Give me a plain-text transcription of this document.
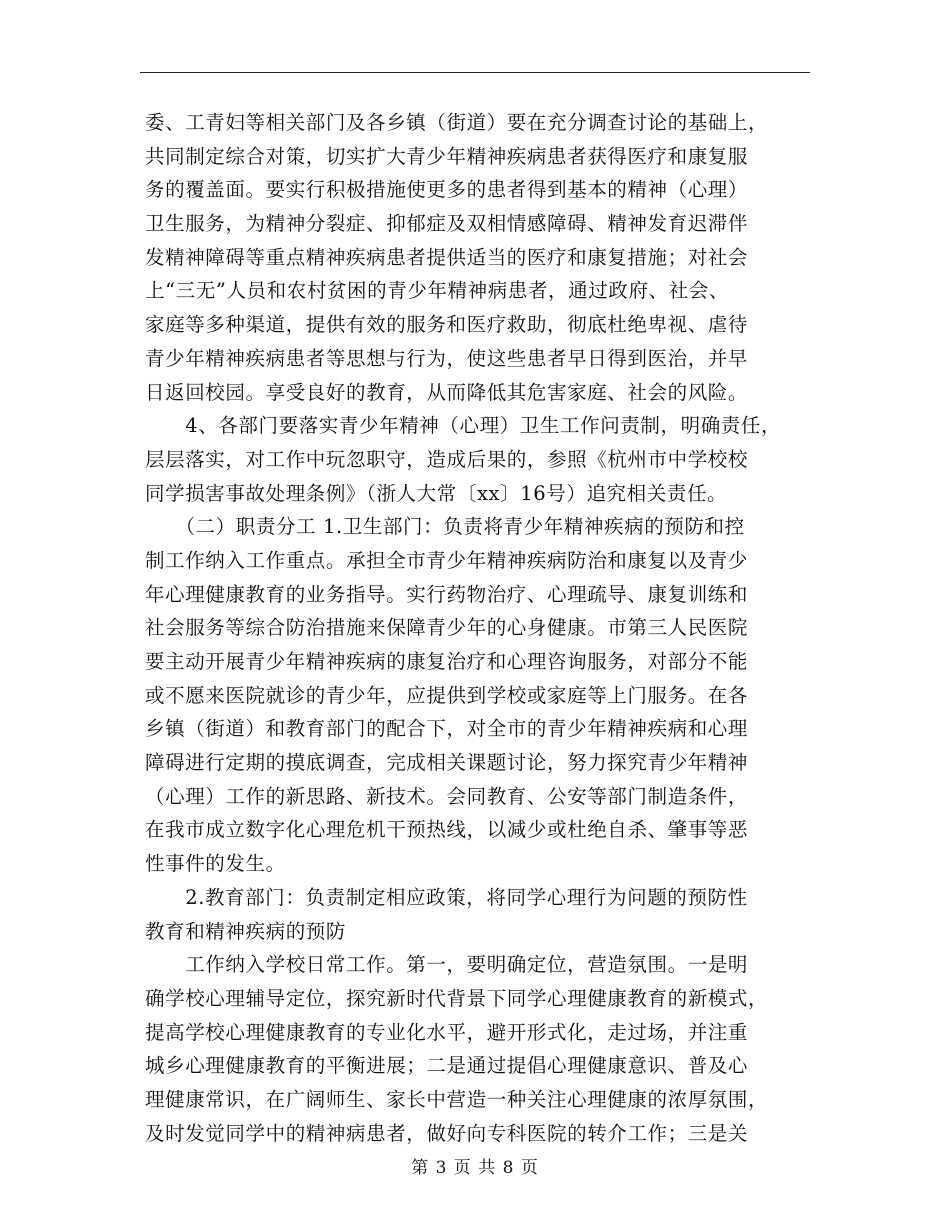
委、工青妇等相关部门及各乡镇（街道）要在充分调查讨论的基础上，
共同制定综合对策，切实扩大青少年精神疾病患者获得医疗和康复服
务的覆盖面。要实行积极措施使更多的患者得到基本的精神（心理）
卫生服务，为精神分裂症、抑郁症及双相情感障碍、精神发育迟滞伴
发精神障碍等重点精神疾病患者提供适当的医疗和康复措施；对社会
上“三无”人员和农村贫困的青少年精神病患者，通过政府、社会、
家庭等多种渠道，提供有效的服务和医疗救助，彻底杜绝卑视、虐待
青少年精神疾病患者等思想与行为，使这些患者早日得到医治，并早
日返回校园。享受良好的教育，从而降低其危害家庭、社会的风险。
　　4、各部门要落实青少年精神（心理）卫生工作问责制，明确责任，
层层落实，对工作中玩忽职守，造成后果的，参照《杭州市中学校校
同学损害事故处理条例》（浙人大常〔xx〕16号）追究相关责任。
　　（二）职责分工 1.卫生部门：负责将青少年精神疾病的预防和控
制工作纳入工作重点。承担全市青少年精神疾病防治和康复以及青少
年心理健康教育的业务指导。实行药物治疗、心理疏导、康复训练和
社会服务等综合防治措施来保障青少年的心身健康。市第三人民医院
要主动开展青少年精神疾病的康复治疗和心理咨询服务，对部分不能
或不愿来医院就诊的青少年，应提供到学校或家庭等上门服务。在各
乡镇（街道）和教育部门的配合下，对全市的青少年精神疾病和心理
障碍进行定期的摸底调查，完成相关课题讨论，努力探究青少年精神
（心理）工作的新思路、新技术。会同教育、公安等部门制造条件，
在我市成立数字化心理危机干预热线，以减少或杜绝自杀、肇事等恶
性事件的发生。
　　2.教育部门：负责制定相应政策，将同学心理行为问题的预防性
教育和精神疾病的预防
　　工作纳入学校日常工作。第一，要明确定位，营造氛围。一是明
确学校心理辅导定位，探究新时代背景下同学心理健康教育的新模式，
提高学校心理健康教育的专业化水平，避开形式化，走过场，并注重
城乡心理健康教育的平衡进展；二是通过提倡心理健康意识、普及心
理健康常识，在广阔师生、家长中营造一种关注心理健康的浓厚氛围，
及时发觉同学中的精神病患者，做好向专科医院的转介工作；三是关
第 3 页 共 8 页
